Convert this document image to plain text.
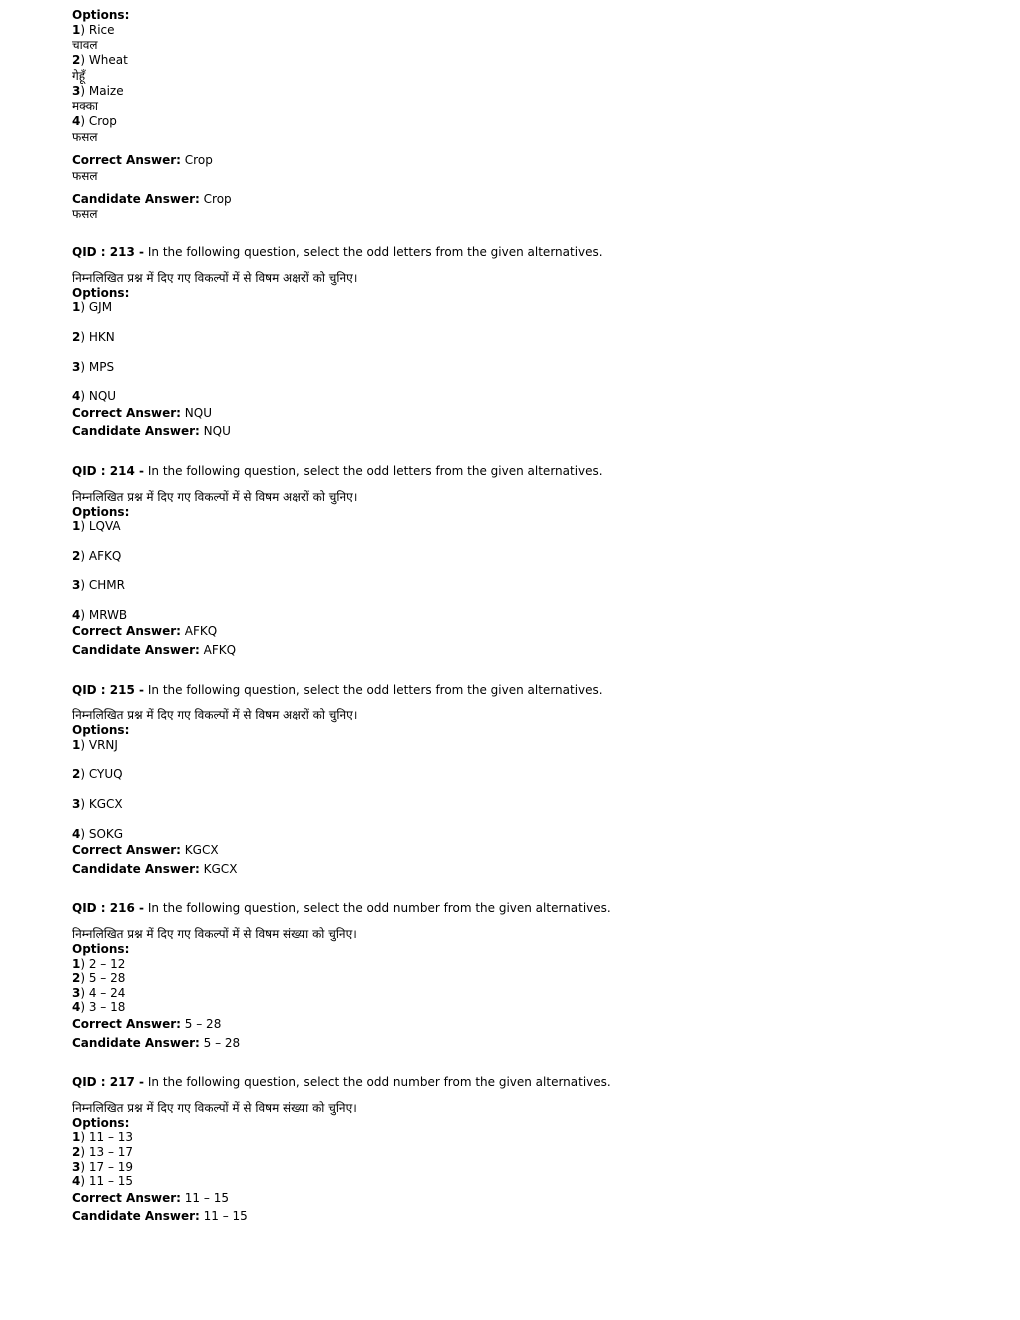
Options:
1) Rice
चावल
2) Wheat
गेहूँ
3) Maize
मक्का
4) Crop
फसल
Correct Answer: Crop
फसल
Candidate Answer: Crop
फसल
QID : 213 - In the following question, select the odd letters from the given alternatives.
निम्नलिखित प्रश्न में दिए गए विकल्पों में से विषम अक्षरों को चुनिए।
Options:
1) GJM
2) HKN
3) MPS
4) NQU
Correct Answer: NQU
Candidate Answer: NQU
QID : 214 - In the following question, select the odd letters from the given alternatives.
निम्नलिखित प्रश्न में दिए गए विकल्पों में से विषम अक्षरों को चुनिए।
Options:
1) LQVA
2) AFKQ
3) CHMR
4) MRWB
Correct Answer: AFKQ
Candidate Answer: AFKQ
QID : 215 - In the following question, select the odd letters from the given alternatives.
निम्नलिखित प्रश्न में दिए गए विकल्पों में से विषम अक्षरों को चुनिए।
Options:
1) VRNJ
2) CYUQ
3) KGCX
4) SOKG
Correct Answer: KGCX
Candidate Answer: KGCX
QID : 216 - In the following question, select the odd number from the given alternatives.
निम्नलिखित प्रश्न में दिए गए विकल्पों में से विषम संख्या को चुनिए।
Options:
1) 2 – 12
2) 5 – 28
3) 4 – 24
4) 3 – 18
Correct Answer: 5 – 28
Candidate Answer: 5 – 28
QID : 217 - In the following question, select the odd number from the given alternatives.
निम्नलिखित प्रश्न में दिए गए विकल्पों में से विषम संख्या को चुनिए।
Options:
1) 11 – 13
2) 13 – 17
3) 17 – 19
4) 11 – 15
Correct Answer: 11 – 15
Candidate Answer: 11 – 15
